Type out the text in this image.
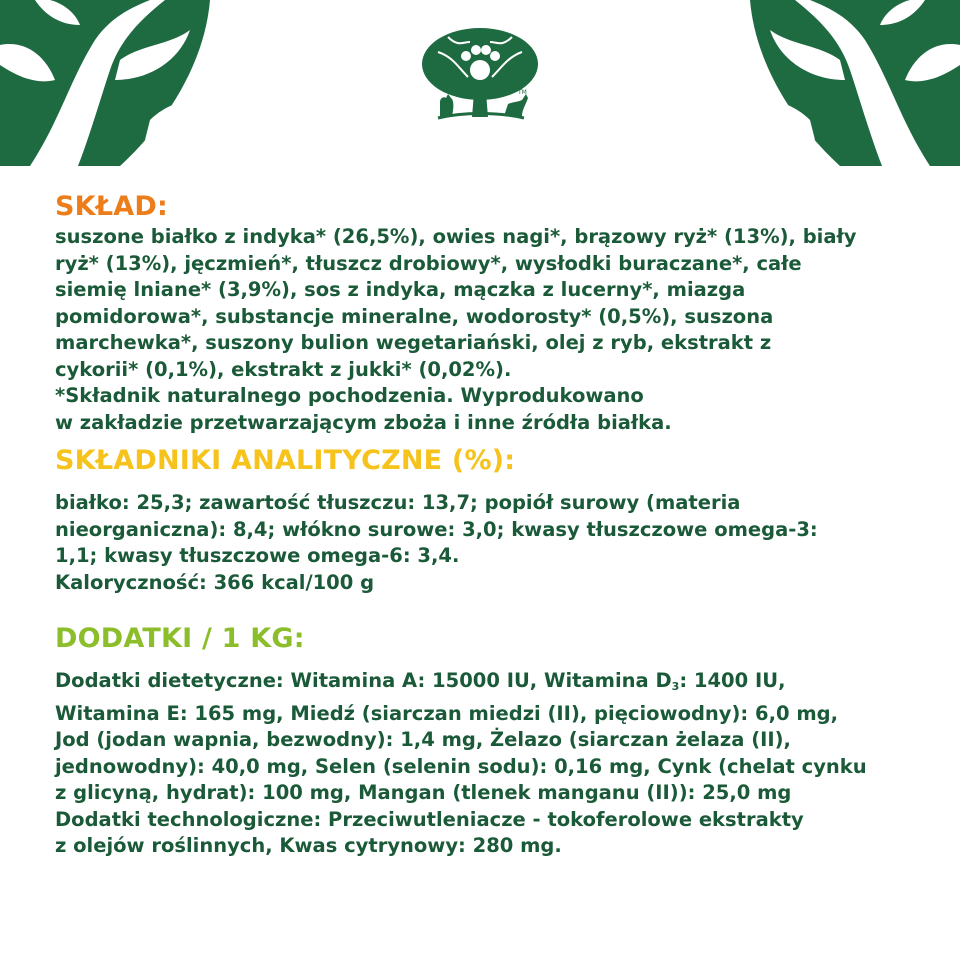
TM
SKŁAD:

suszone białko z indyka* (26,5%), owies nagi*, brązowy ryż* (13%), biały
ryż* (13%), jęczmień*, tłuszcz drobiowy*, wysłodki buraczane*, całe
siemię lniane* (3,9%), sos z indyka, mączka z lucerny*, miazga
pomidorowa*, substancje mineralne, wodorosty* (0,5%), suszona
marchewka*, suszony bulion wegetariański, olej z ryb, ekstrakt z
cykorii* (0,1%), ekstrakt z jukki* (0,02%).
*Składnik naturalnego pochodzenia. Wyprodukowano
w zakładzie przetwarzającym zboża i inne źródła białka.

SKŁADNIKI ANALITYCZNE (%):

białko: 25,3; zawartość tłuszczu: 13,7; popiół surowy (materia
nieorganiczna): 8,4; włókno surowe: 3,0; kwasy tłuszczowe omega-3:
1,1; kwasy tłuszczowe omega-6: 3,4.
Kaloryczność: 366 kcal/100 g

DODATKI / 1 KG:

Dodatki dietetyczne: Witamina A: 15000 IU, Witamina $D_3$: 1400 IU,
Witamina E: 165 mg, Miedź (siarczan miedzi (II), pięciowodny): 6,0 mg,
Jod (jodan wapnia, bezwodny): 1,4 mg, Żelazo (siarczan żelaza (II),
jednowodny): 40,0 mg, Selen (selenin sodu): 0,16 mg, Cynk (chelat cynku
z glicyną, hydrat): 100 mg, Mangan (tlenek manganu (II)): 25,0 mg
Dodatki technologiczne: Przeciwutleniacze - tokoferolowe ekstrakty
z olejów roślinnych, Kwas cytrynowy: 280 mg.
